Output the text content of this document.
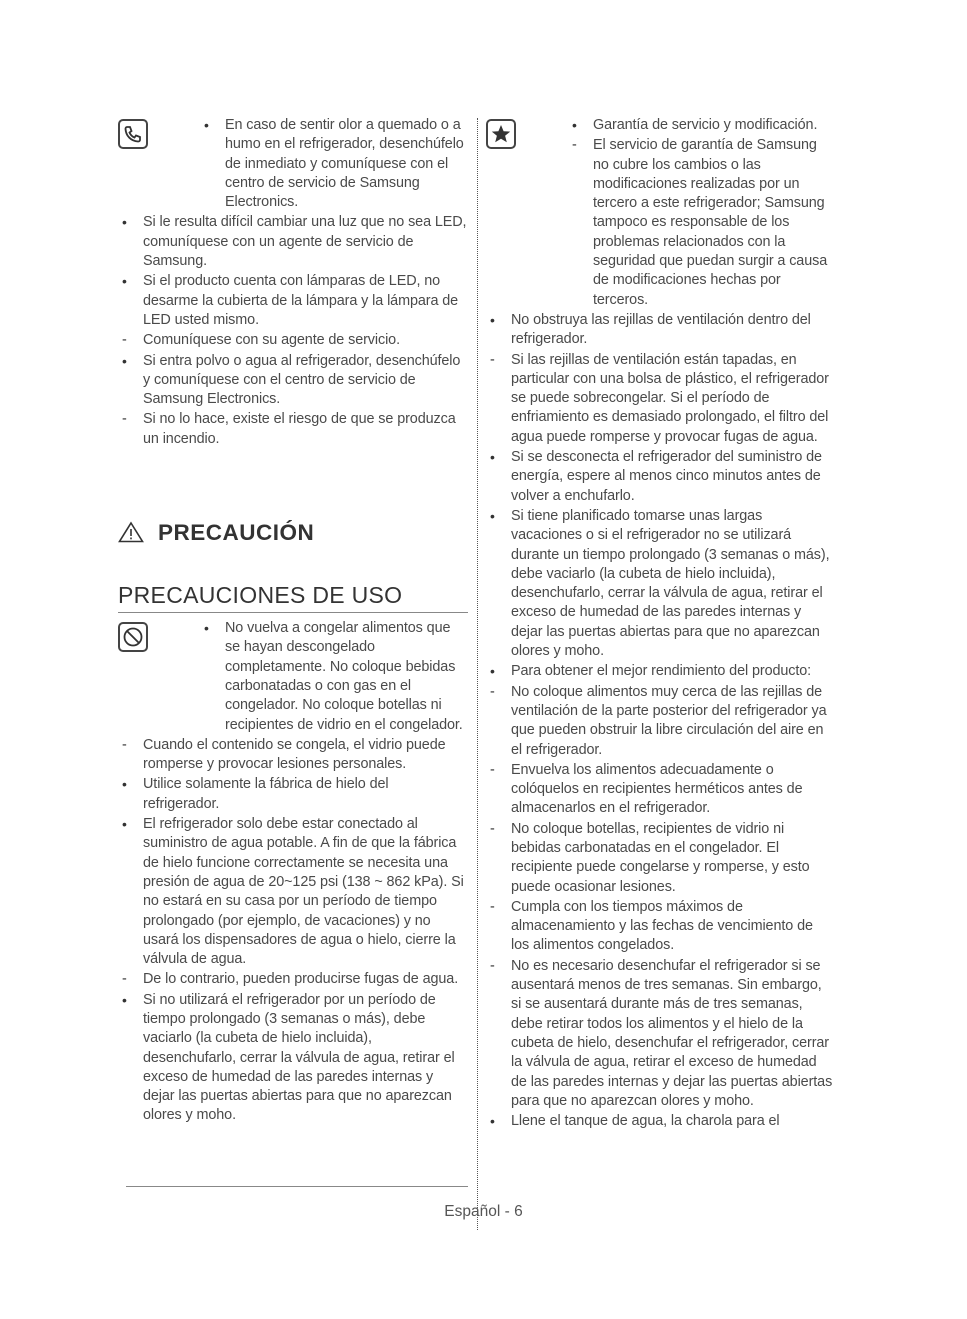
•
En caso de sentir olor a quemado o a humo en el refrigerador, desenchúfelo de inmediato y comuníquese con el centro de servicio de Samsung Electronics.
•
Si le resulta difícil cambiar una luz que no sea LED, comuníquese con un agente de servicio de Samsung.
•
Si el producto cuenta con lámparas de LED, no desarme la cubierta de la lámpara y la lámpara de LED usted mismo.
-
Comuníquese con su agente de servicio.
•
Si entra polvo o agua al refrigerador, desenchúfelo y comuníquese con el centro de servicio de Samsung Electronics.
-
Si no lo hace, existe el riesgo de que se produzca un incendio.
PRECAUCIÓN
PRECAUCIONES DE USO
•
No vuelva a congelar alimentos que se hayan descongelado completamente. No coloque bebidas carbonatadas o con gas en el congelador. No coloque botellas ni recipientes de vidrio en el congelador.
-
Cuando el contenido se congela, el vidrio puede romperse y provocar lesiones personales.
•
Utilice solamente la fábrica de hielo del refrigerador.
•
El refrigerador solo debe estar conectado al suministro de agua potable. A fin de que la fábrica de hielo funcione correctamente se necesita una presión de agua de 20~125 psi (138 ~ 862 kPa). Si no estará en su casa por un período de tiempo prolongado (por ejemplo, de vacaciones) y no usará los dispensadores de agua o hielo, cierre la válvula de agua.
-
De lo contrario, pueden producirse fugas de agua.
•
Si no utilizará el refrigerador por un período de tiempo prolongado (3 semanas o más), debe vaciarlo (la cubeta de hielo incluida), desenchufarlo, cerrar la válvula de agua, retirar el exceso de humedad de las paredes internas y dejar las puertas abiertas para que no aparezcan olores y moho.
•
Garantía de servicio y modificación.
-
El servicio de garantía de Samsung no cubre los cambios o las modificaciones realizadas por un tercero a este refrigerador; Samsung tampoco es responsable de los problemas relacionados con la seguridad que puedan surgir a causa de modificaciones hechas por terceros.
•
No obstruya las rejillas de ventilación dentro del refrigerador.
-
Si las rejillas de ventilación están tapadas, en particular con una bolsa de plástico, el refrigerador se puede sobrecongelar. Si el período de enfriamiento es demasiado prolongado, el filtro del agua puede romperse y provocar fugas de agua.
•
Si se desconecta el refrigerador del suministro de energía, espere al menos cinco minutos antes de volver a enchufarlo.
•
Si tiene planificado tomarse unas largas vacaciones o si el refrigerador no se utilizará durante un tiempo prolongado (3 semanas o más), debe vaciarlo (la cubeta de hielo incluida), desenchufarlo, cerrar la válvula de agua, retirar el exceso de humedad de las paredes internas y dejar las puertas abiertas para que no aparezcan olores y moho.
•
Para obtener el mejor rendimiento del producto:
-
No coloque alimentos muy cerca de las rejillas de ventilación de la parte posterior del refrigerador ya que pueden obstruir la libre circulación del aire en el refrigerador.
-
Envuelva los alimentos adecuadamente o colóquelos en recipientes herméticos antes de almacenarlos en el refrigerador.
-
No coloque botellas, recipientes de vidrio ni bebidas carbonatadas en el congelador. El recipiente puede congelarse y romperse, y esto puede ocasionar lesiones.
-
Cumpla con los tiempos máximos de almacenamiento y las fechas de vencimiento de los alimentos congelados.
-
No es necesario desenchufar el refrigerador si se ausentará menos de tres semanas. Sin embargo, si se ausentará durante más de tres semanas, debe retirar todos los alimentos y el hielo de la cubeta de hielo, desenchufar el refrigerador, cerrar la válvula de agua, retirar el exceso de humedad de las paredes internas y dejar las puertas abiertas para que no aparezcan olores y moho.
•
Llene el tanque de agua, la charola para el
Español - 6
